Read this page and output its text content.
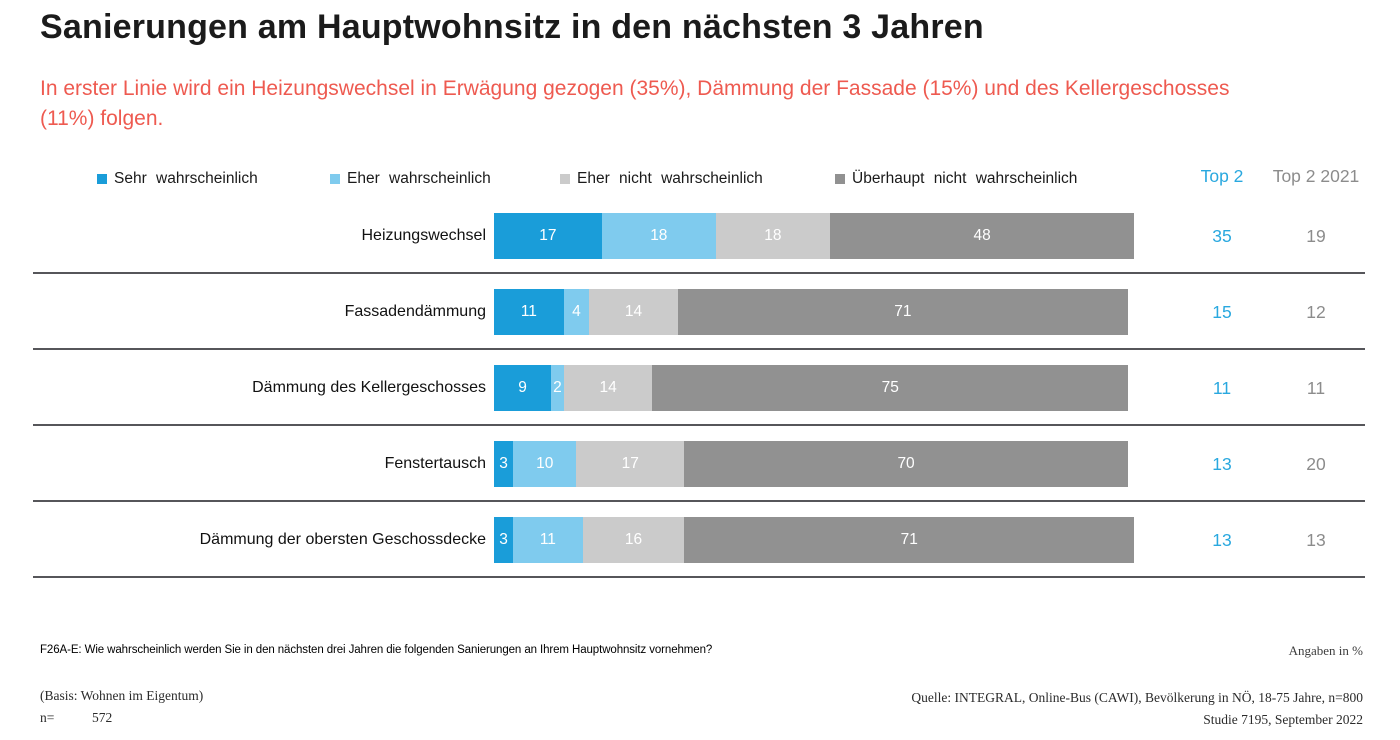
Sanierungen am Hauptwohnsitz in den nächsten 3 Jahren
In erster Linie wird ein Heizungswechsel in Erwägung gezogen (35%), Dämmung der Fassade (15%) und des Kellergeschosses (11%) folgen.
Sehr wahrscheinlich	Eher wahrscheinlich	Eher nicht wahrscheinlich	Überhaupt nicht wahrscheinlich	Top 2	Top 2 2021
Heizungswechsel	17	18	18	48	35	19
Fassadendämmung	11	4	14	71	15	12
Dämmung des Kellergeschosses	9	2	14	75	11	11
Fenstertausch 3	10	17	70	13	20
Dämmung der obersten Geschossdecke 3	11	16	71	13	13
F26A-E: Wie wahrscheinlich werden Sie in den nächsten drei Jahren die folgenden Sanierungen an Ihrem Hauptwohnsitz vornehmen?	Angaben in %
(Basis: Wohnen im Eigentum)
n=	572
Quelle: INTEGRAL, Online-Bus (CAWI), Bevölkerung in NÖ, 18-75 Jahre, n=800
Studie 7195, September 2022
